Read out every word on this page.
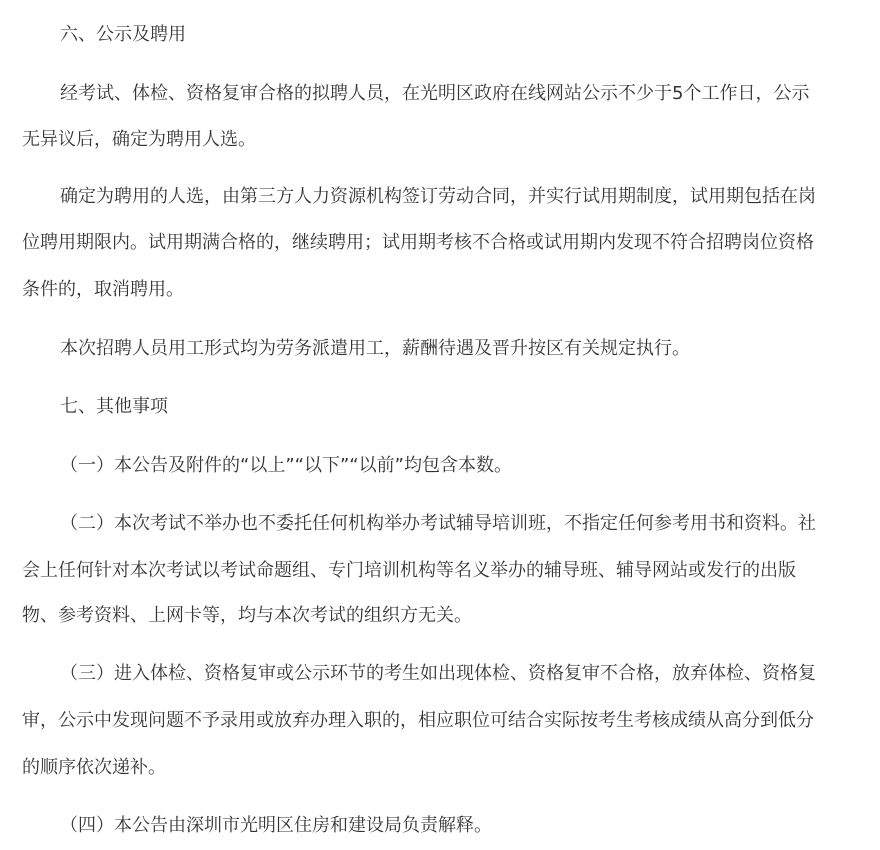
六、公示及聘用

经考试、体检、资格复审合格的拟聘人员，在光明区政府在线网站公示不少于5个工作日，公示

无异议后，确定为聘用人选。

确定为聘用的人选，由第三方人力资源机构签订劳动合同，并实行试用期制度，试用期包括在岗

位聘用期限内。试用期满合格的，继续聘用；试用期考核不合格或试用期内发现不符合招聘岗位资格

条件的，取消聘用。

本次招聘人员用工形式均为劳务派遣用工，薪酬待遇及晋升按区有关规定执行。

七、其他事项

（一）本公告及附件的“以上”“以下”“以前”均包含本数。

（二）本次考试不举办也不委托任何机构举办考试辅导培训班，不指定任何参考用书和资料。社

会上任何针对本次考试以考试命题组、专门培训机构等名义举办的辅导班、辅导网站或发行的出版

物、参考资料、上网卡等，均与本次考试的组织方无关。

（三）进入体检、资格复审或公示环节的考生如出现体检、资格复审不合格，放弃体检、资格复

审，公示中发现问题不予录用或放弃办理入职的，相应职位可结合实际按考生考核成绩从高分到低分

的顺序依次递补。

（四）本公告由深圳市光明区住房和建设局负责解释。
